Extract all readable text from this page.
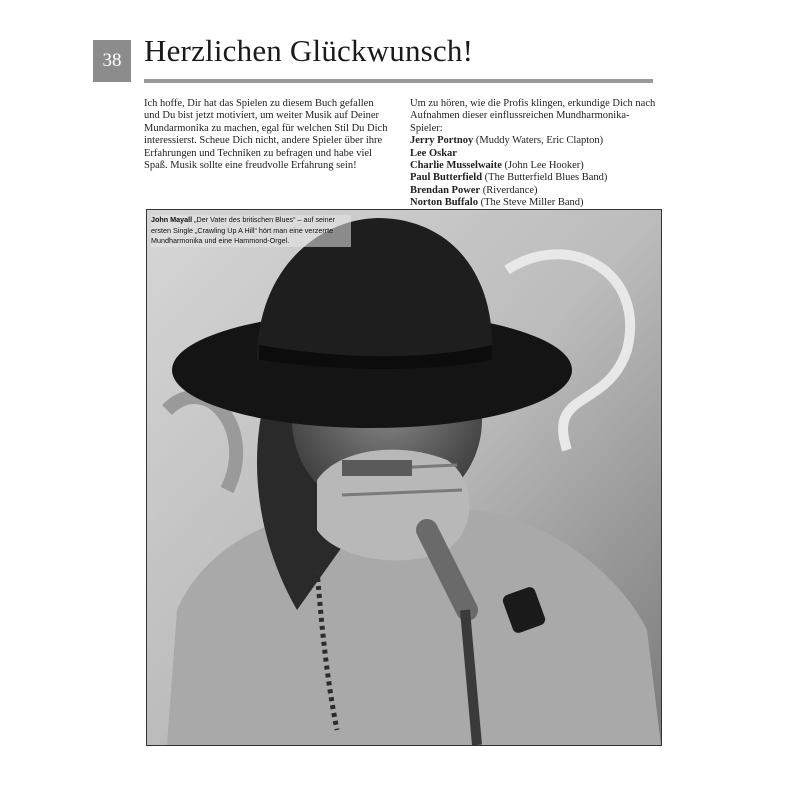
38 Herzlichen Glückwunsch!

Ich hoffe, Dir hat das Spielen zu diesem Buch gefallen und Du bist jetzt motiviert, um weiter Musik auf Deiner Mundarmonika zu machen, egal für welchen Stil Du Dich interessierst. Scheue Dich nicht, andere Spieler über ihre Erfahrungen und Techniken zu befragen und habe viel Spaß. Musik sollte eine freudvolle Erfahrung sein!

Um zu hören, wie die Profis klingen, erkundige Dich nach Aufnahmen dieser einflussreichen Mundharmonika-Spieler:

Jerry Portnoy (Muddy Waters, Eric Clapton)
Lee Oskar
Charlie Musselwaite (John Lee Hooker)
Paul Butterfield (The Butterfield Blues Band)
Brendan Power (Riverdance)
Norton Buffalo (The Steve Miller Band)
John Mayall „Der Vater des britischen Blues“ – auf seiner ersten Single „Crawling Up A Hill“ hört man eine verzerrte Mundharmonika und eine Hammond-Orgel.
